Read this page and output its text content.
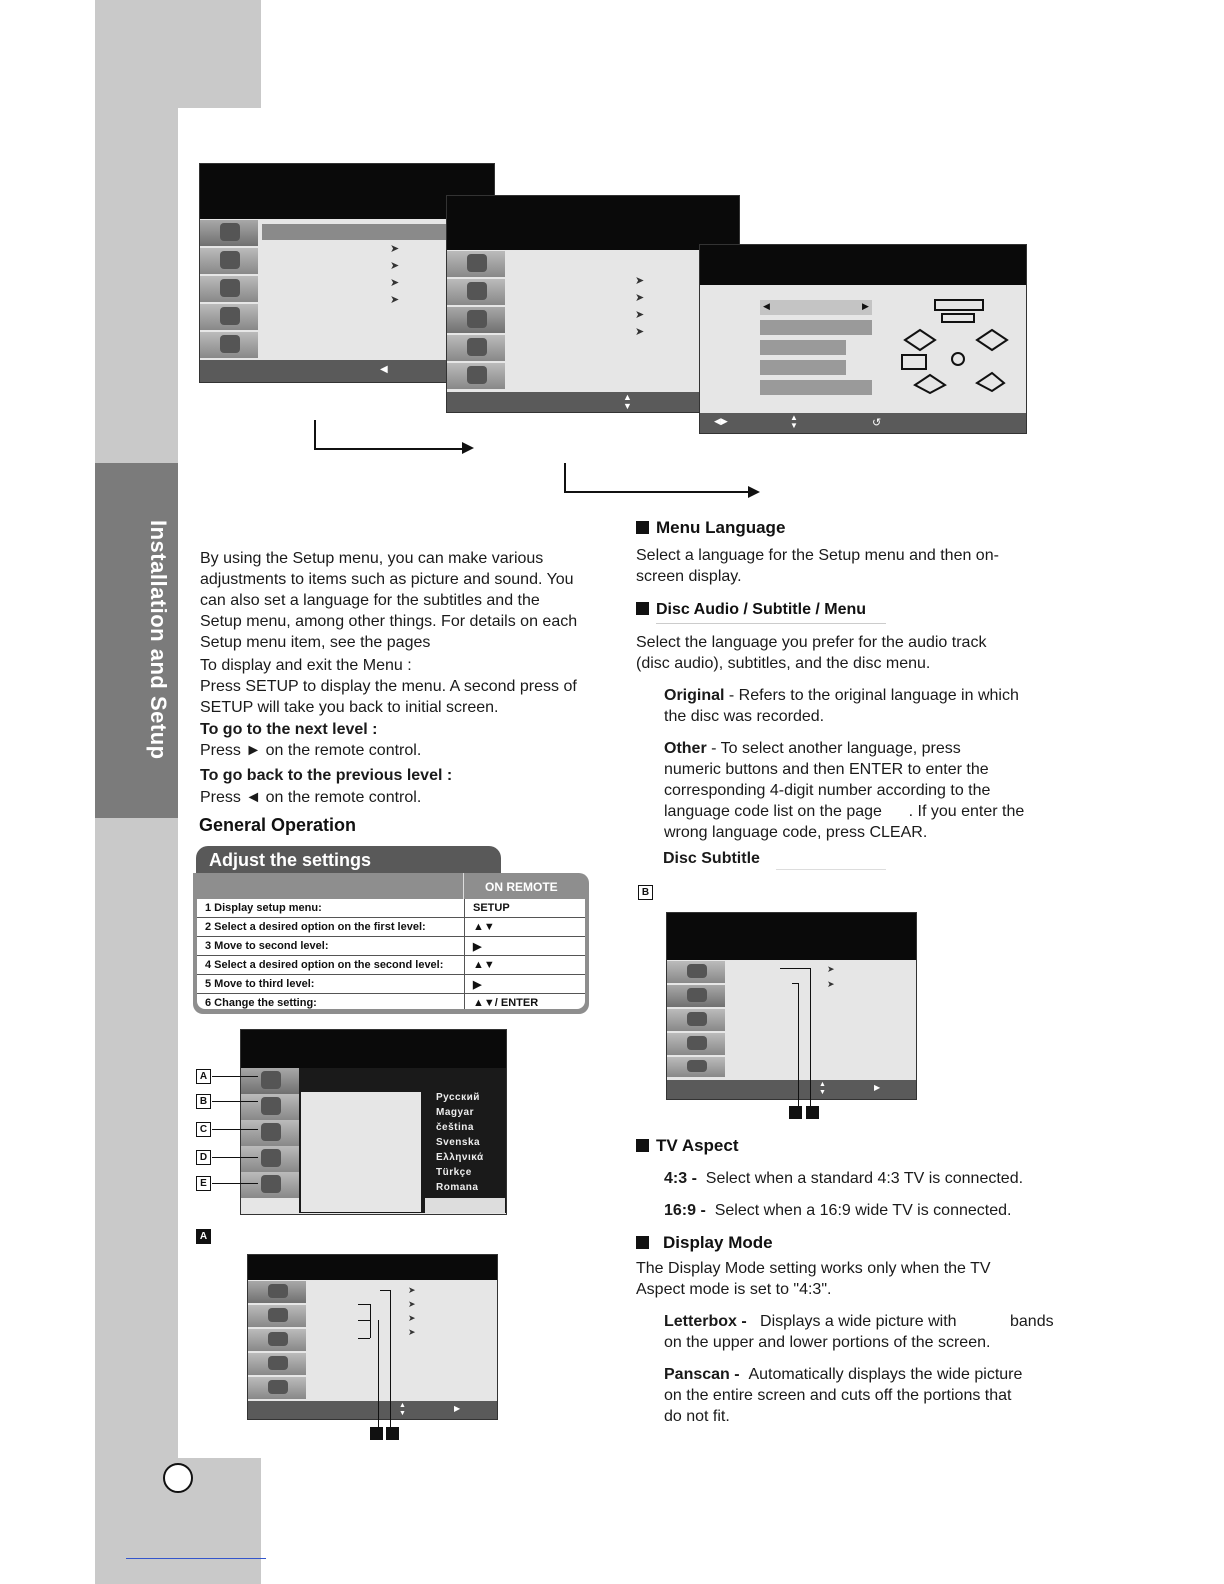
Installation and Setup
➤
➤
➤
➤
◀
➤
➤
➤
➤
▲
▼
◀	▶
◀▶	▲
▼	↺
By using the Setup menu, you can make various
adjustments to items such as picture and sound. You
can also set a language for the subtitles and the
Setup menu, among other things. For details on each
Setup menu item, see the pages
To display and exit the Menu :
Press SETUP to display the menu. A second press of
SETUP will take you back to initial screen.
To go to the next level :
Press ► on the remote control.
To go back to the previous level :
Press ◄ on the remote control.
General Operation
Adjust the settings
1 Display setup menu:	SETUP
2 Select a desired option on the first level:	▲▼
3 Move to second level:	▶
4 Select a desired option on the second level:	▲▼
5 Move to third level:	▶
6 Change the setting:	▲▼/ ENTER
ON REMOTE
Русский
Magyar
čeština
Svenska
Ελληνικά
Türkçe
Romana
A
B
C
D
E
A
➤
➤
➤
➤
▲
▼
▶
Menu Language
Select a language for the Setup menu and then on-
screen display.
Disc Audio / Subtitle / Menu
Select the language you prefer for the audio track
(disc audio), subtitles, and the disc menu.
Original - Refers to the original language in which
the disc was recorded.
Other - To select another language, press
numeric buttons and then ENTER to enter the
corresponding 4-digit number according to the
language code list on the page      . If you enter the
wrong language code, press CLEAR.
Disc Subtitle
B
➤
➤
▲
▼
▶
TV Aspect
4:3 - Select when a standard 4:3 TV is connected.
16:9 - Select when a 16:9 wide TV is connected.
Display Mode
The Display Mode setting works only when the TV
Aspect mode is set to "4:3".
Letterbox - Displays a wide picture with	bands
on the upper and lower portions of the screen.
Panscan - Automatically displays the wide picture
on the entire screen and cuts off the portions that
do not fit.
